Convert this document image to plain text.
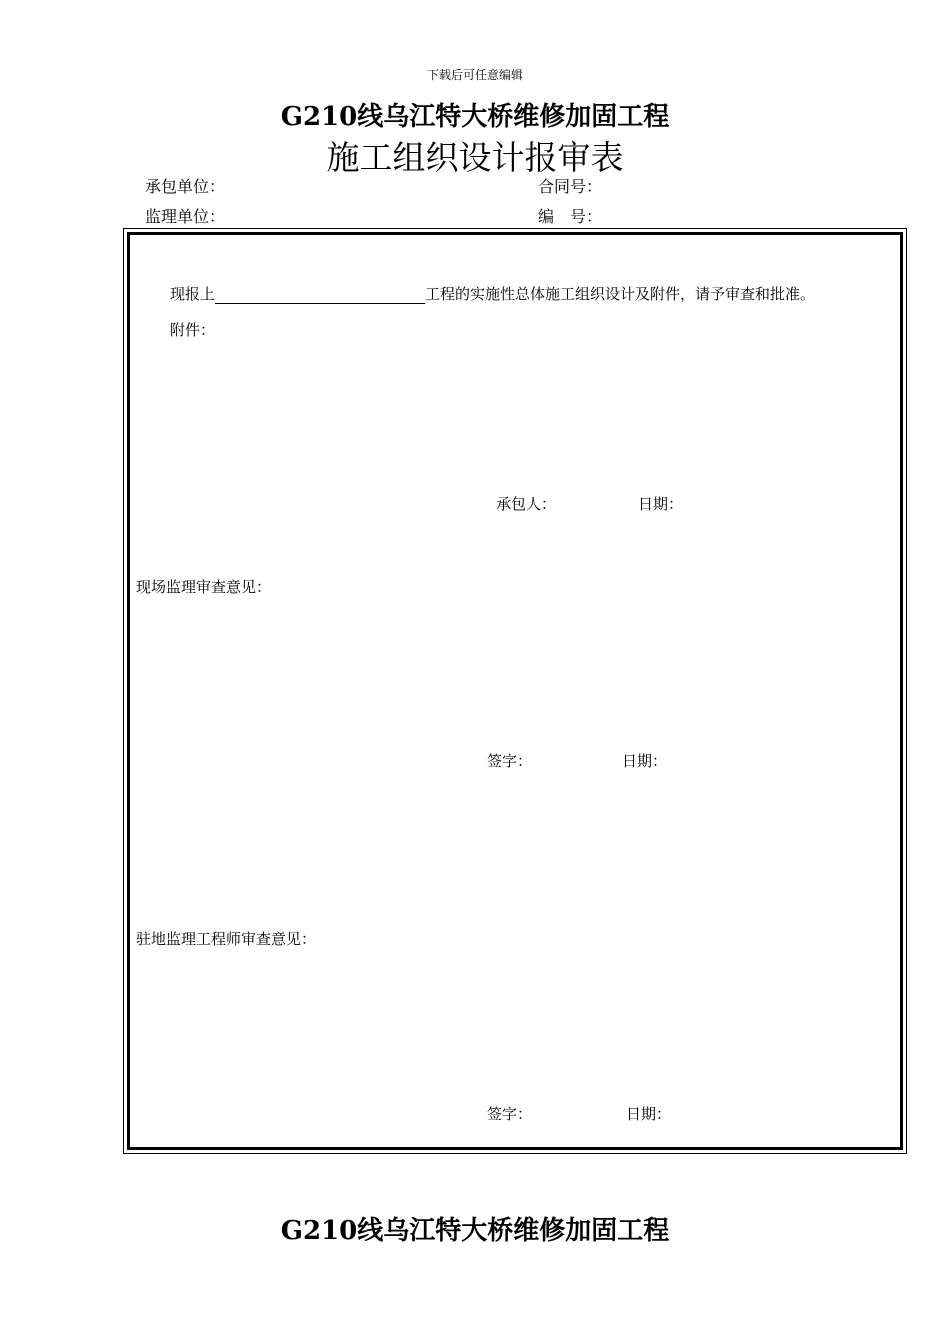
下载后可任意编辑
G210线乌江特大桥维修加固工程
施工组织设计报审表
承包单位：	合同号：
监理单位：	编　号：
现报上	工程的实施性总体施工组织设计及附件，请予审查和批准。
附件：
承包人：	日期：
现场监理审查意见：
签字：	日期：
驻地监理工程师审查意见：
签字：	日期：
G210线乌江特大桥维修加固工程
